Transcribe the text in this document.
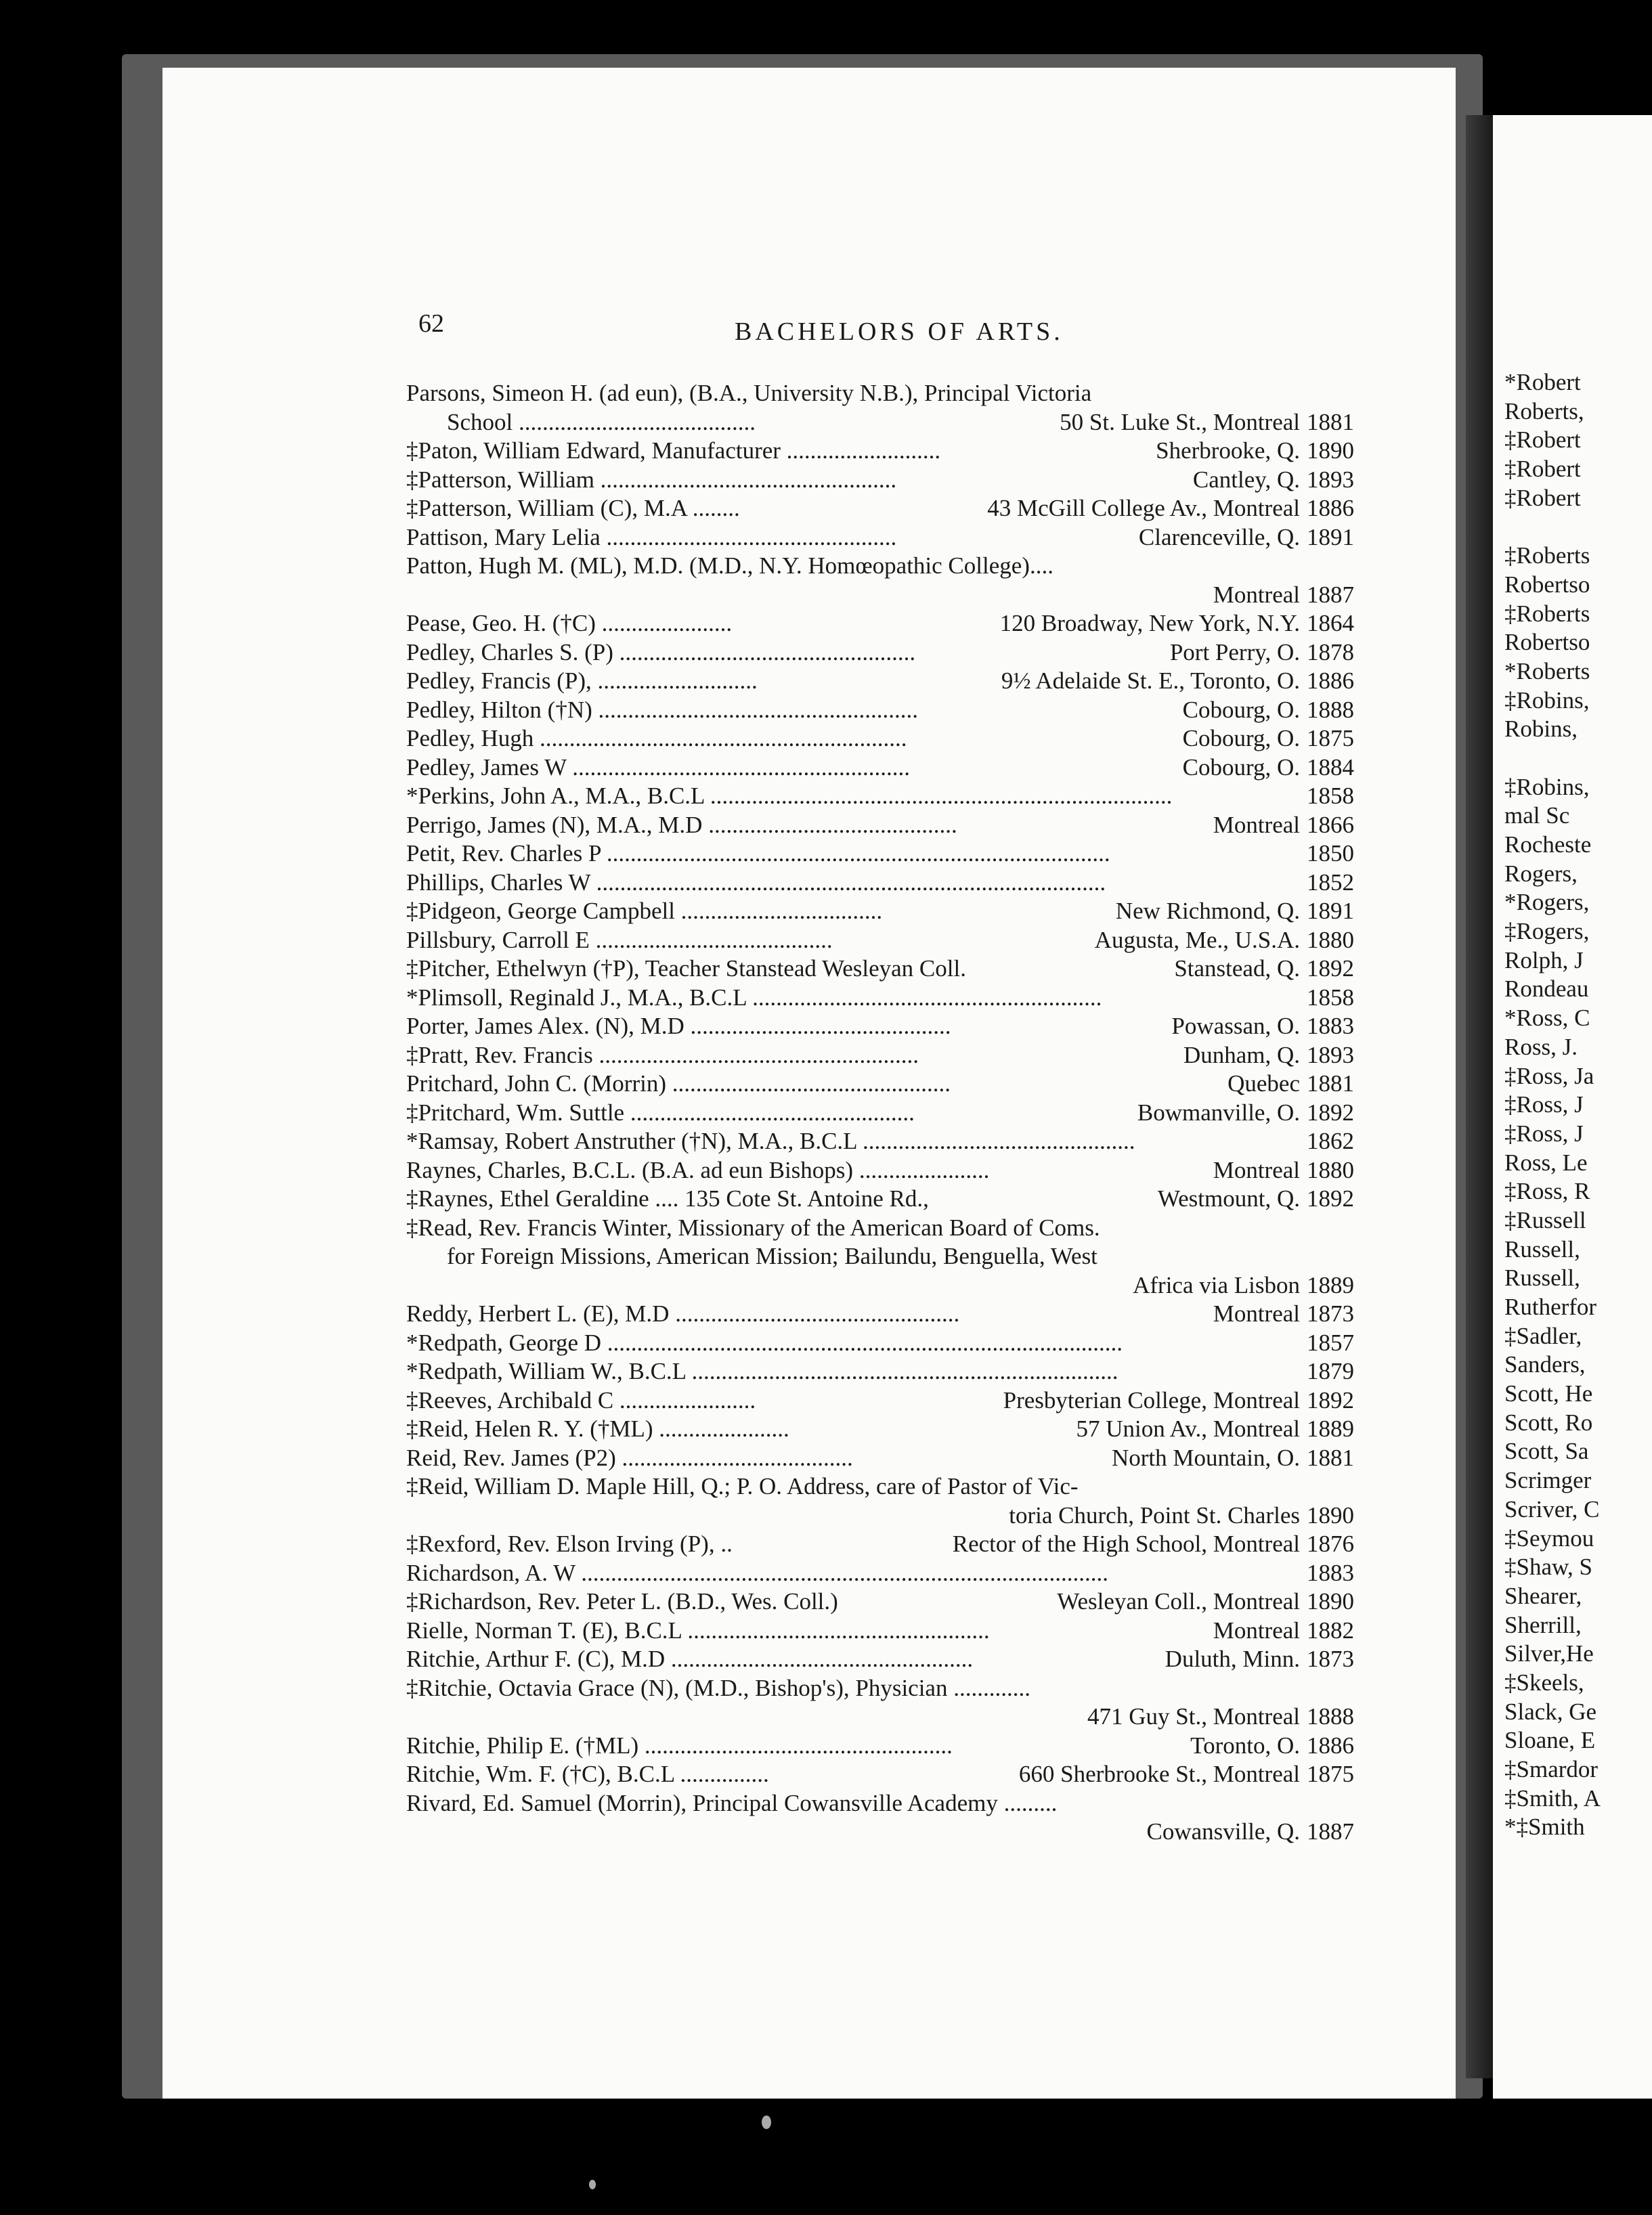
*Robert
Roberts,
‡Robert
‡Robert
‡Robert
‡Roberts
Robertso
‡Roberts
Robertso
*Roberts
‡Robins,
Robins,
‡Robins,
mal Sc
Rocheste
Rogers,
*Rogers,
‡Rogers,
Rolph, J
Rondeau
*Ross, C
Ross, J.
‡Ross, Ja
‡Ross, J
‡Ross, J
Ross, Le
‡Ross, R
‡Russell
Russell,
Russell,
Rutherfor
‡Sadler,
Sanders,
Scott, He
Scott, Ro
Scott, Sa
Scrimger
Scriver, C
‡Seymou
‡Shaw, S
Shearer,
Sherrill,
Silver,He
‡Skeels,
Slack, Ge
Sloane, E
‡Smardor
‡Smith, A
*‡Smith
62	BACHELORS OF ARTS.
Parsons, Simeon H. (ad eun), (B.A., University N.B.), Principal Victoria
School ........................................	50 St. Luke St., Montreal 1881
‡Paton, William Edward, Manufacturer ..........................	Sherbrooke, Q. 1890
‡Patterson, William ..................................................	Cantley, Q. 1893
‡Patterson, William (C), M.A ........	43 McGill College Av., Montreal 1886
Pattison, Mary Lelia .................................................	Clarenceville, Q. 1891
Patton, Hugh M. (ML), M.D. (M.D., N.Y. Homœopathic College)....
Montreal 1887
Pease, Geo. H. (†C) ......................	120 Broadway, New York, N.Y. 1864
Pedley, Charles S. (P) ..................................................	Port Perry, O. 1878
Pedley, Francis (P), ...........................	9½ Adelaide St. E., Toronto, O. 1886
Pedley, Hilton (†N) ......................................................	Cobourg, O. 1888
Pedley, Hugh ..............................................................	Cobourg, O. 1875
Pedley, James W .........................................................	Cobourg, O. 1884
*Perkins, John A., M.A., B.C.L ..............................................................................	1858
Perrigo, James (N), M.A., M.D ..........................................	Montreal 1866
Petit, Rev. Charles P .....................................................................................	1850
Phillips, Charles W ......................................................................................	1852
‡Pidgeon, George Campbell ..................................	New Richmond, Q. 1891
Pillsbury, Carroll E ........................................	Augusta, Me., U.S.A. 1880
‡Pitcher, Ethelwyn (†P), Teacher Stanstead Wesleyan Coll.	Stanstead, Q. 1892
*Plimsoll, Reginald J., M.A., B.C.L ...........................................................	1858
Porter, James Alex. (N), M.D ............................................	Powassan, O. 1883
‡Pratt, Rev. Francis ......................................................	Dunham, Q. 1893
Pritchard, John C. (Morrin) ...............................................	Quebec 1881
‡Pritchard, Wm. Suttle ................................................	Bowmanville, O. 1892
*Ramsay, Robert Anstruther (†N), M.A., B.C.L ..............................................	1862
Raynes, Charles, B.C.L. (B.A. ad eun Bishops) ......................	Montreal 1880
‡Raynes, Ethel Geraldine .... 135 Cote St. Antoine Rd.,	Westmount, Q. 1892
‡Read, Rev. Francis Winter, Missionary of the American Board of Coms.
for Foreign Missions, American Mission; Bailundu, Benguella, West
Africa via Lisbon 1889
Reddy, Herbert L. (E), M.D ................................................	Montreal 1873
*Redpath, George D .......................................................................................	1857
*Redpath, William W., B.C.L ........................................................................	1879
‡Reeves, Archibald C .......................	Presbyterian College, Montreal 1892
‡Reid, Helen R. Y. (†ML) ......................	57 Union Av., Montreal 1889
Reid, Rev. James (P2) .......................................	North Mountain, O. 1881
‡Reid, William D. Maple Hill, Q.; P. O. Address, care of Pastor of Vic-
toria Church, Point St. Charles 1890
‡Rexford, Rev. Elson Irving (P), ..	Rector of the High School, Montreal 1876
Richardson, A. W .........................................................................................	1883
‡Richardson, Rev. Peter L. (B.D., Wes. Coll.)	Wesleyan Coll., Montreal 1890
Rielle, Norman T. (E), B.C.L ...................................................	Montreal 1882
Ritchie, Arthur F. (C), M.D ...................................................	Duluth, Minn. 1873
‡Ritchie, Octavia Grace (N), (M.D., Bishop's), Physician .............
471 Guy St., Montreal 1888
Ritchie, Philip E. (†ML) ....................................................	Toronto, O. 1886
Ritchie, Wm. F. (†C), B.C.L ...............	660 Sherbrooke St., Montreal 1875
Rivard, Ed. Samuel (Morrin), Principal Cowansville Academy .........
Cowansville, Q. 1887
